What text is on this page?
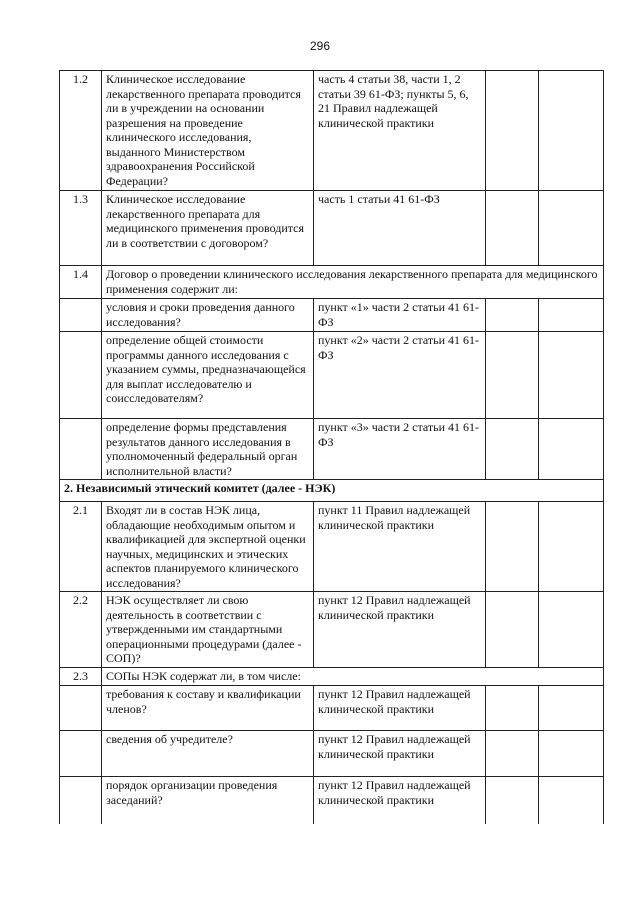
296
1.2	Клиническое исследование лекарственного препарата проводится ли в учреждении на основании разрешения на проведение клинического исследования, выданного Министерством здравоохранения Российской Федерации?	часть 4 статьи 38, части 1, 2 статьи 39 61-ФЗ; пункты 5, 6, 21 Правил надлежащей клинической практики		
1.3	Клиническое исследование лекарственного препарата для медицинского применения проводится ли в соответствии с договором?	часть 1 статьи 41 61-ФЗ		
1.4	Договор о проведении клинического исследования лекарственного препарата для медицинского применения содержит ли:			
	условия и сроки проведения данного исследования?	пункт «1» части 2 статьи 41 61-ФЗ		
	определение общей стоимости программы данного исследования с указанием суммы, предназначающейся для выплат исследователю и соисследователям?	пункт «2» части 2 статьи 41 61-ФЗ		
	определение формы представления результатов данного исследования в уполномоченный федеральный орган исполнительной власти?	пункт «3» части 2 статьи 41 61-ФЗ		
2. Независимый этический комитет (далее - НЭК)				
2.1	Входят ли в состав НЭК лица, обладающие необходимым опытом и квалификацией для экспертной оценки научных, медицинских и этических аспектов планируемого клинического исследования?	пункт 11 Правил надлежащей клинической практики		
2.2	НЭК осуществляет ли свою деятельность в соответствии с утвержденными им стандартными операционными процедурами (далее - СОП)?	пункт 12 Правил надлежащей клинической практики		
2.3	СОПы НЭК содержат ли, в том числе:			
	требования к составу и квалификации членов?	пункт 12 Правил надлежащей клинической практики		
	сведения об учредителе?	пункт 12 Правил надлежащей клинической практики		
	порядок организации проведения заседаний?	пункт 12 Правил надлежащей клинической практики		
